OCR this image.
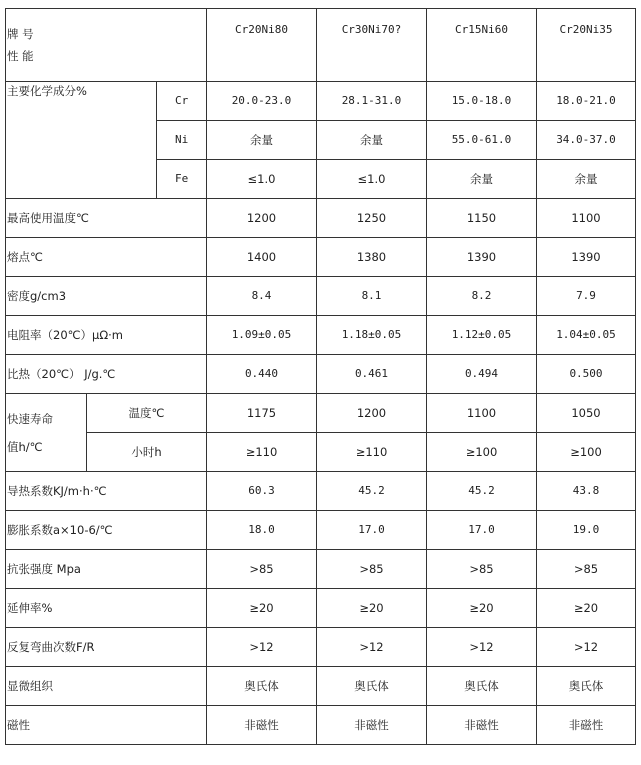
牌 号
性 能			Cr20Ni80	Cr30Ni70?	Cr15Ni60	Cr20Ni35
主要化学成分%		Cr	20.0-23.0	28.1-31.0	15.0-18.0	18.0-21.0
		Ni	余量	余量	55.0-61.0	34.0-37.0
		Fe	≤1.0	≤1.0	余量	余量
最高使用温度℃			1200	1250	1150	1100
熔点℃			1400	1380	1390	1390
密度g/cm3			8.4	8.1	8.2	7.9
电阻率（20℃）μΩ·m			1.09±0.05	1.18±0.05	1.12±0.05	1.04±0.05
比热（20℃） J/g.℃			0.440	0.461	0.494	0.500

快速寿命
值h/℃	温度℃		1175	1200	1100	1050
	小时h		≥110	≥110	≥100	≥100
导热系数KJ/m·h·℃			60.3	45.2	45.2	43.8
膨胀系数a×10-6/℃			18.0	17.0	17.0	19.0
抗张强度 Mpa			>85	>85	>85	>85
延伸率%			≥20	≥20	≥20	≥20
反复弯曲次数F/R			>12	>12	>12	>12
显微组织			奥氏体	奥氏体	奥氏体	奥氏体
磁性			非磁性	非磁性	非磁性	非磁性
